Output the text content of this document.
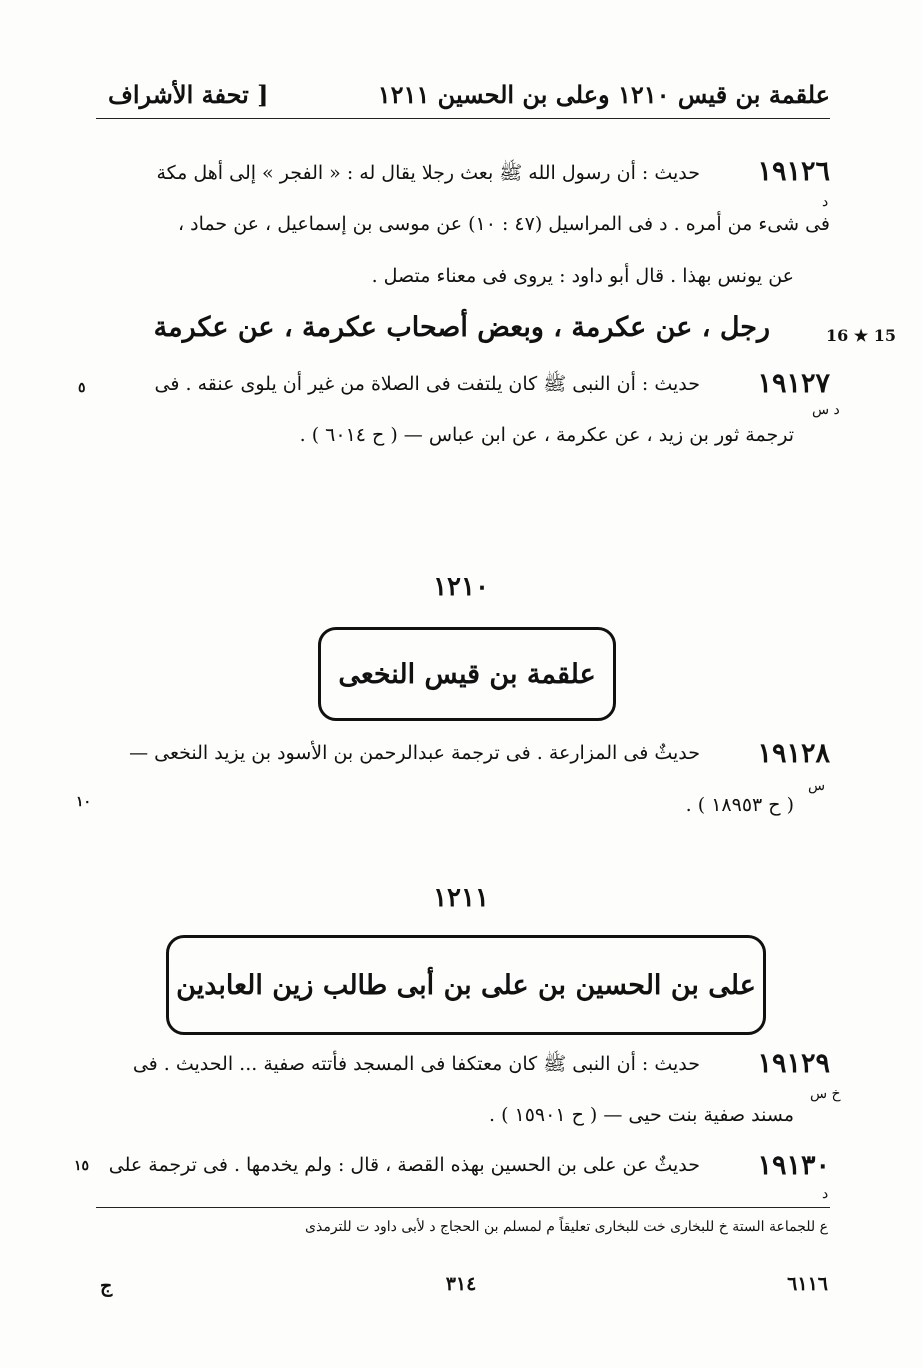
علقمة بن قيس ١٢١٠ وعلى بن الحسين ١٢١١
[ تحفة الأشراف
١٩١٢٦
د
حديث : أن رسول الله ﷺ بعث رجلا يقال له : « الفجر » إلى أهل مكة
فى شىء من أمره . د فى المراسيل (٤٧ : ١٠) عن موسى بن إسماعيل ، عن حماد ،
عن يونس بهذا . قال أبو داود : يروى فى معناء متصل .
16 ★ 15
رجل ، عن عكرمة ، وبعض أصحاب عكرمة ، عن عكرمة
١٩١٢٧
د س
حديث : أن النبى ﷺ كان يلتفت فى الصلاة من غير أن يلوى عنقه . فى
ترجمة ثور بن زيد ، عن عكرمة ، عن ابن عباس — ( ح ٦٠١٤ ) .
٥
١٢١٠
علقمة بن قيس النخعى
١٩١٢٨
س
حديثٌ فى المزارعة . فى ترجمة عبدالرحمن بن الأسود بن يزيد النخعى —
( ح ١٨٩٥٣ ) .
١٠
١٢١١
على بن الحسين بن على بن أبى طالب زين العابدين
١٩١٢٩
خ س
حديث : أن النبى ﷺ كان معتكفا فى المسجد فأتته صفية ... الحديث . فى
مسند صفية بنت حيى — ( ح ١٥٩٠١ ) .
١٩١٣٠
د
حديثٌ عن على بن الحسين بهذه القصة ، قال : ولم يخدمها . فى ترجمة على
١٥
ع للجماعة الستة خ للبخارى خت للبخارى تعليقاً م لمسلم بن الحجاج د لأبى داود ت للترمذى
ج	٣١٤	٦١١٦
